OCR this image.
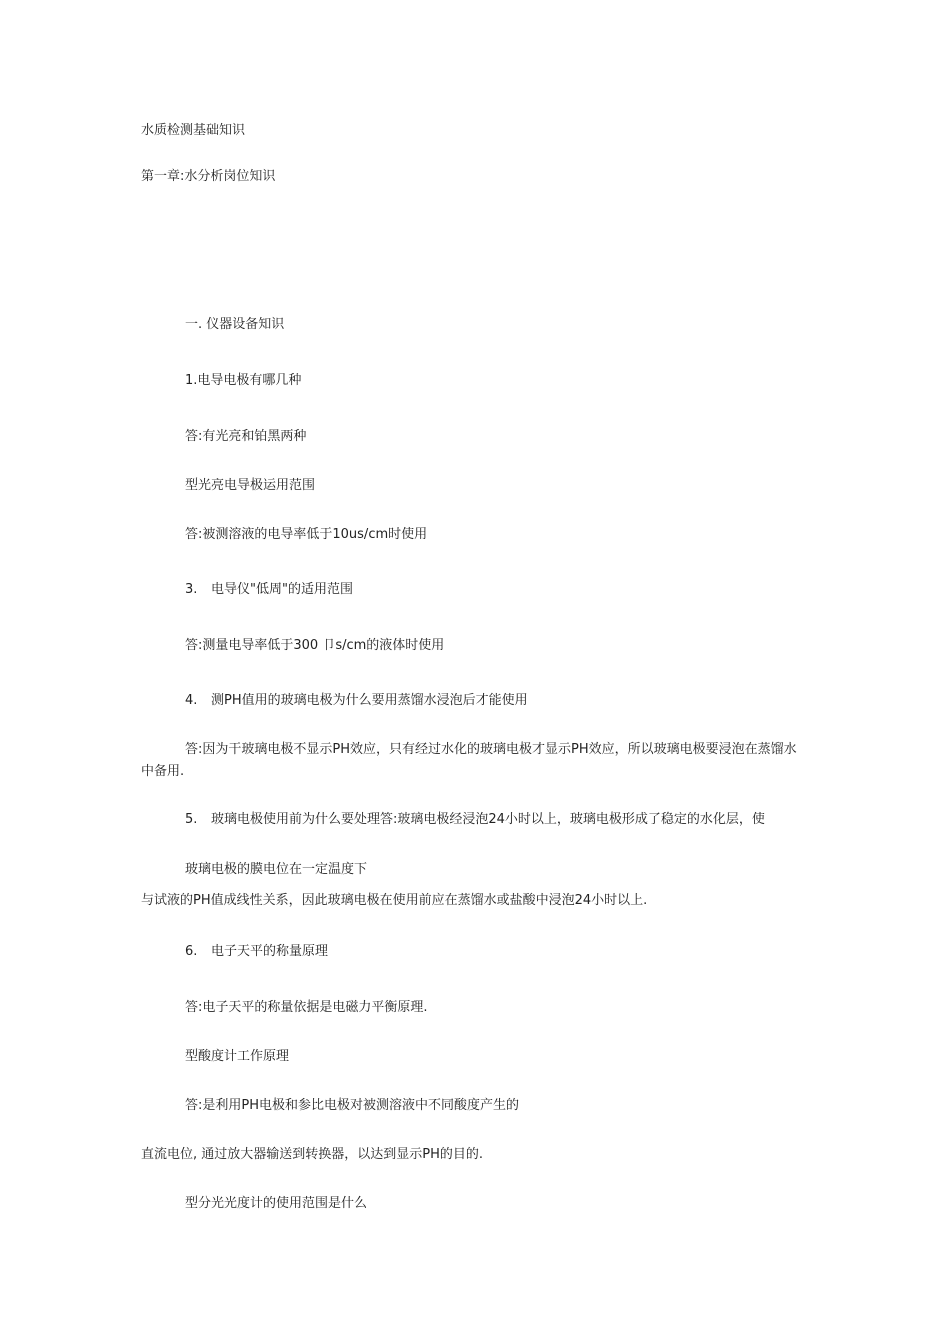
水质检测基础知识
第一章:水分析岗位知识
一. 仪器设备知识
1.电导电极有哪几种
答:有光亮和铂黑两种
型光亮电导极运用范围
答:被测溶液的电导率低于10us/cm时使用
3. 电导仪"低周"的适用范围
答:测量电导率低于300 卩s/cm的液体时使用
4. 测PH值用的玻璃电极为什么要用蒸馏水浸泡后才能使用
答:因为干玻璃电极不显示PH效应，只有经过水化的玻璃电极才显示PH效应，所以玻璃电极要浸泡在蒸馏水中备用.
5. 玻璃电极使用前为什么要处理答:玻璃电极经浸泡24小时以上，玻璃电极形成了稳定的水化层，使
玻璃电极的膜电位在一定温度下
与试液的PH值成线性关系，因此玻璃电极在使用前应在蒸馏水或盐酸中浸泡24小时以上.
6. 电子天平的称量原理
答:电子天平的称量依据是电磁力平衡原理.
型酸度计工作原理
答:是利用PH电极和参比电极对被测溶液中不同酸度产生的
直流电位, 通过放大器输送到转换器，以达到显示PH的目的.
型分光光度计的使用范围是什么
